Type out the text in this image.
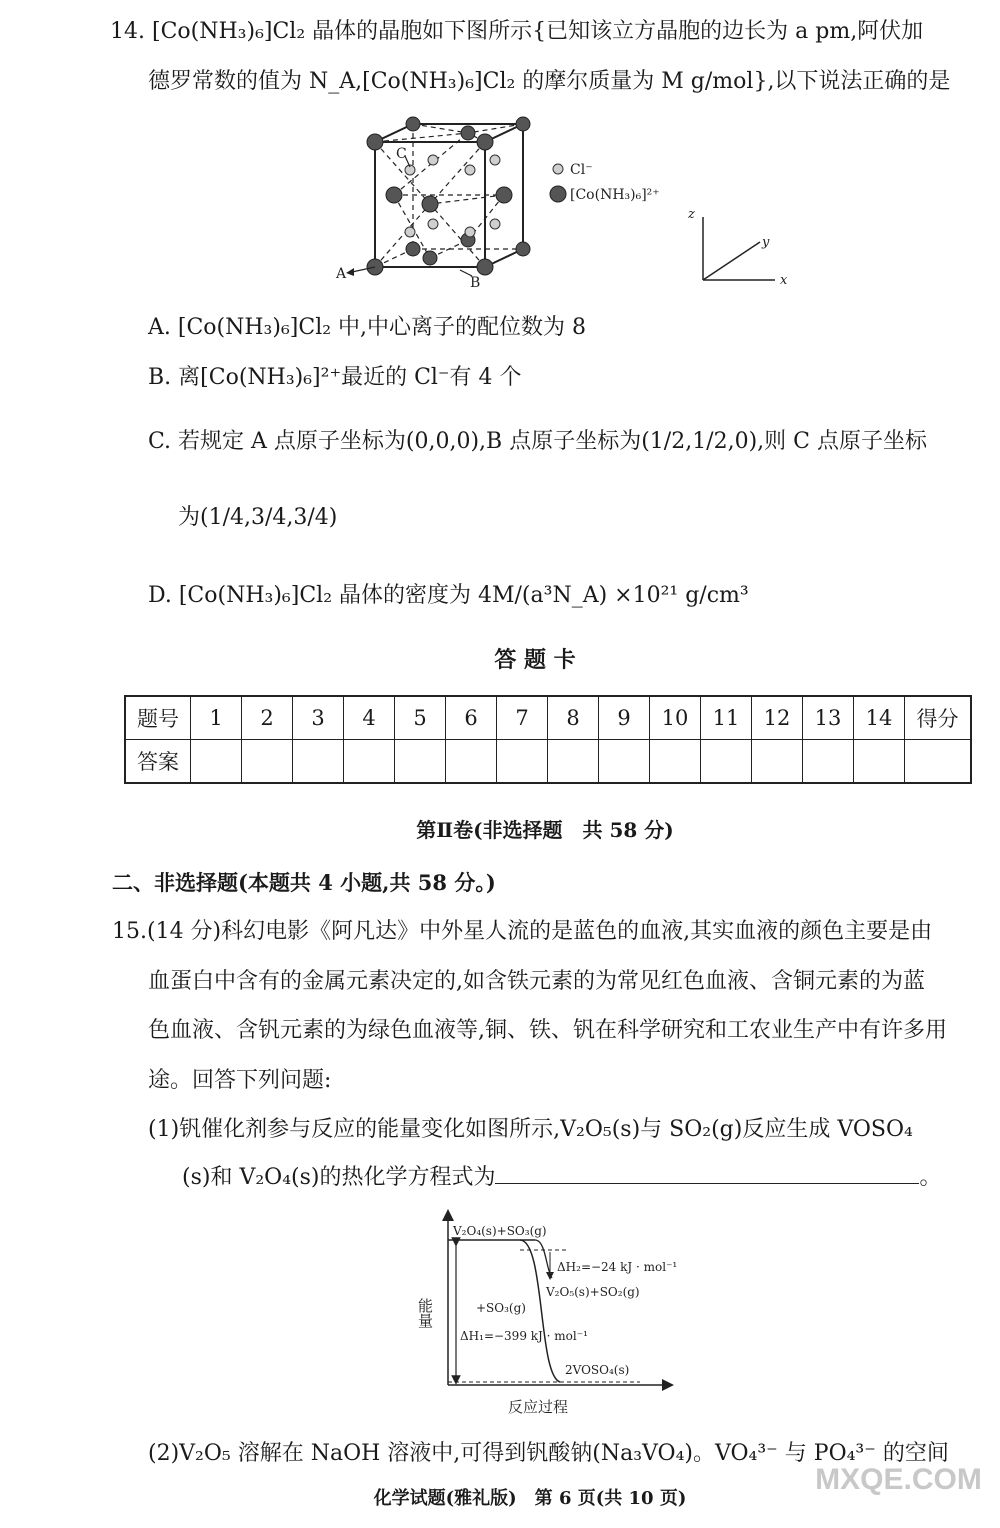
14. [Co(NH₃)₆]Cl₂ 晶体的晶胞如下图所示{已知该立方晶胞的边长为 a pm,阿伏加
德罗常数的值为 N_A,[Co(NH₃)₆]Cl₂ 的摩尔质量为 M g/mol},以下说法正确的是
A
B
C
Cl⁻
[Co(NH₃)₆]²⁺
z
x
y
A. [Co(NH₃)₆]Cl₂ 中,中心离子的配位数为 8
B. 离[Co(NH₃)₆]²⁺最近的 Cl⁻有 4 个
C. 若规定 A 点原子坐标为(0,0,0),B 点原子坐标为(1/2,1/2,0),则 C 点原子坐标
为(1/4,3/4,3/4)
D. [Co(NH₃)₆]Cl₂ 晶体的密度为 4M/(a³N_A) ×10²¹ g/cm³
答 题 卡
题号	1	2	3	4	5	6	7	8	9	10	11	12	13	14	得分
答案															
第Ⅱ卷(非选择题　共 58 分)
二、非选择题(本题共 4 小题,共 58 分。)
15.(14 分)科幻电影《阿凡达》中外星人流的是蓝色的血液,其实血液的颜色主要是由
血蛋白中含有的金属元素决定的,如含铁元素的为常见红色血液、含铜元素的为蓝
色血液、含钒元素的为绿色血液等,铜、铁、钒在科学研究和工农业生产中有许多用
途。回答下列问题:
(1)钒催化剂参与反应的能量变化如图所示,V₂O₅(s)与 SO₂(g)反应生成 VOSO₄
(s)和 V₂O₄(s)的热化学方程式为	。
V₂O₄(s)+SO₃(g)
ΔH₂=−24 kJ · mol⁻¹
V₂O₅(s)+SO₂(g)
+SO₃(g)
ΔH₁=−399 kJ · mol⁻¹
2VOSO₄(s)
能量
反应过程
(2)V₂O₅ 溶解在 NaOH 溶液中,可得到钒酸钠(Na₃VO₄)。VO₄³⁻ 与 PO₄³⁻ 的空间
化学试题(雅礼版)　第 6 页(共 10 页)
MXQE.COM
